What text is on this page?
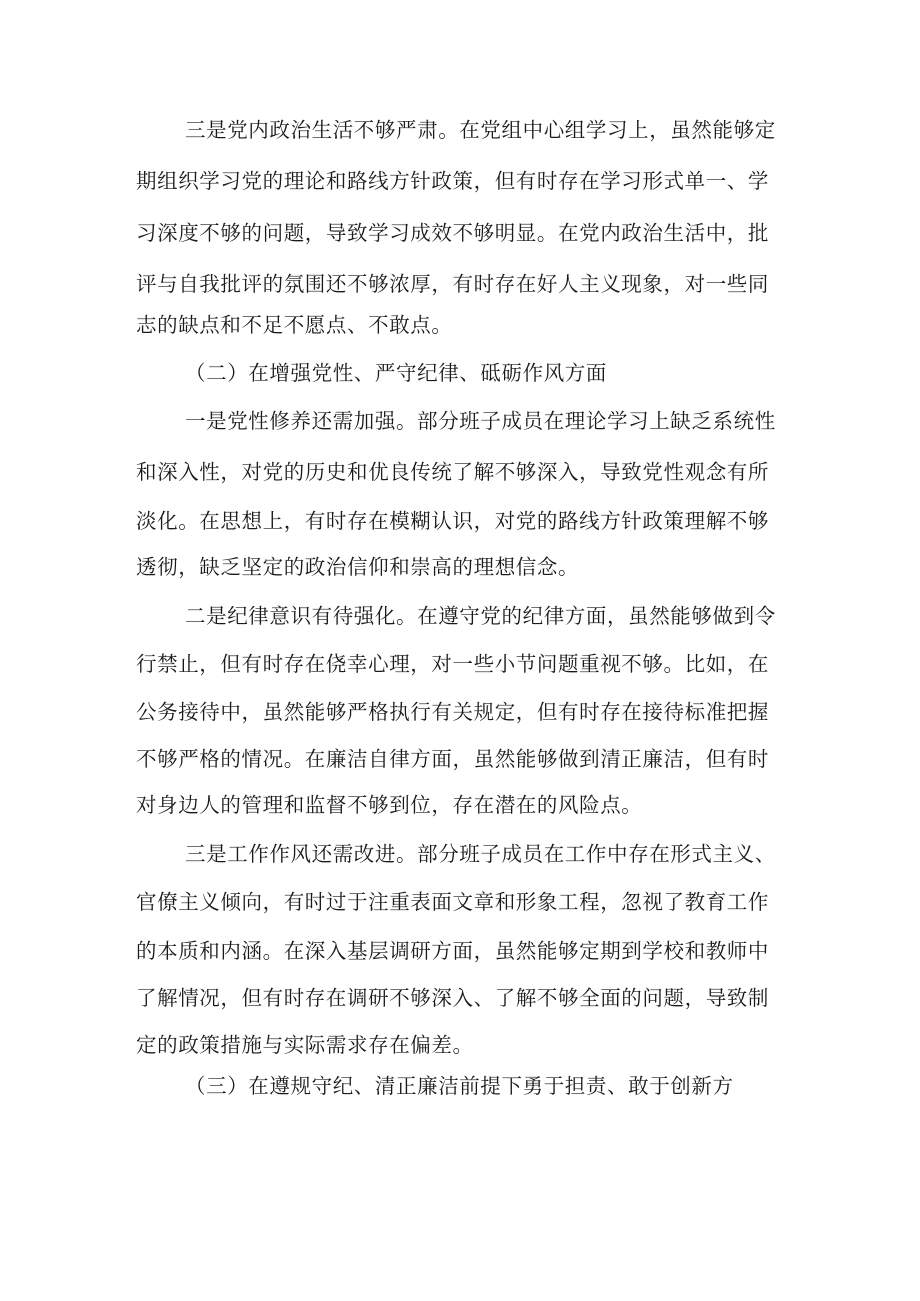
三是党内政治生活不够严肃。在党组中心组学习上，虽然能够定
期组织学习党的理论和路线方针政策，但有时存在学习形式单一、学
习深度不够的问题，导致学习成效不够明显。在党内政治生活中，批
评与自我批评的氛围还不够浓厚，有时存在好人主义现象，对一些同
志的缺点和不足不愿点、不敢点。
（二）在增强党性、严守纪律、砥砺作风方面
一是党性修养还需加强。部分班子成员在理论学习上缺乏系统性
和深入性，对党的历史和优良传统了解不够深入，导致党性观念有所
淡化。在思想上，有时存在模糊认识，对党的路线方针政策理解不够
透彻，缺乏坚定的政治信仰和崇高的理想信念。
二是纪律意识有待强化。在遵守党的纪律方面，虽然能够做到令
行禁止，但有时存在侥幸心理，对一些小节问题重视不够。比如，在
公务接待中，虽然能够严格执行有关规定，但有时存在接待标准把握
不够严格的情况。在廉洁自律方面，虽然能够做到清正廉洁，但有时
对身边人的管理和监督不够到位，存在潜在的风险点。
三是工作作风还需改进。部分班子成员在工作中存在形式主义、
官僚主义倾向，有时过于注重表面文章和形象工程，忽视了教育工作
的本质和内涵。在深入基层调研方面，虽然能够定期到学校和教师中
了解情况，但有时存在调研不够深入、了解不够全面的问题，导致制
定的政策措施与实际需求存在偏差。
（三）在遵规守纪、清正廉洁前提下勇于担责、敢于创新方
